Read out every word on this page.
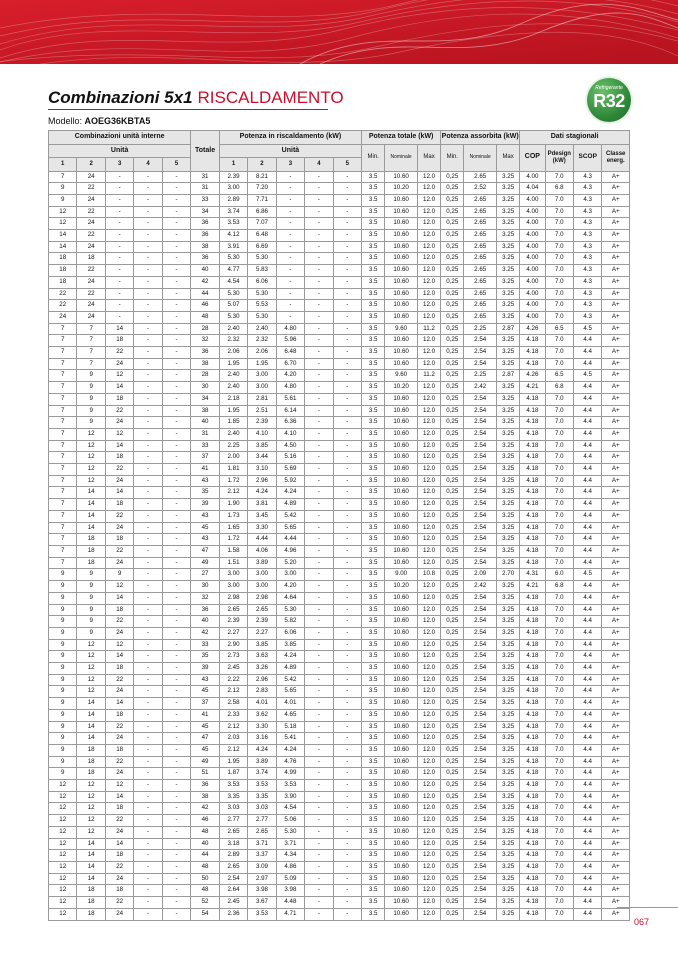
Combinazioni 5x1 RISCALDAMENTO
Modello: AOEG36KBTA5
Refrigerante
R32
Combinazioni unità interne					Totale	Potenza in riscaldamento (kW)					Potenza totale (kW)			Potenza assorbita (kW)			Dati stagionali			
Unità						Unità					Min.	Nominale	Max	Min.	Nominale	Max	COP	Pdesign (kW)	SCOP	Classe energ.
1	2	3	4	5		1	2	3	4	5										
7	24	-	-	-	31	2.39	8.21	-	-	-	3.5	10.60	12.0	0,25	2.65	3.25	4.00	7.0	4.3	A+
9	22	-	-	-	31	3.00	7.20	-	-	-	3.5	10.20	12.0	0,25	2.52	3.25	4.04	6.8	4.3	A+
9	24	-	-	-	33	2.89	7.71	-	-	-	3.5	10.60	12.0	0,25	2.65	3.25	4.00	7.0	4.3	A+
12	22	-	-	-	34	3.74	6.86	-	-	-	3.5	10.60	12.0	0,25	2.65	3.25	4.00	7.0	4.3	A+
12	24	-	-	-	36	3.53	7.07	-	-	-	3.5	10.60	12.0	0,25	2.65	3.25	4.00	7.0	4.3	A+
14	22	-	-	-	36	4.12	6.48	-	-	-	3.5	10.60	12.0	0,25	2.65	3.25	4.00	7.0	4.3	A+
14	24	-	-	-	38	3.91	6.69	-	-	-	3.5	10.60	12.0	0,25	2.65	3.25	4.00	7.0	4.3	A+
18	18	-	-	-	36	5.30	5.30	-	-	-	3.5	10.60	12.0	0,25	2.65	3.25	4.00	7.0	4.3	A+
18	22	-	-	-	40	4.77	5.83	-	-	-	3.5	10.60	12.0	0,25	2.65	3.25	4.00	7.0	4.3	A+
18	24	-	-	-	42	4.54	6.06	-	-	-	3.5	10.60	12.0	0,25	2.65	3.25	4.00	7.0	4.3	A+
22	22	-	-	-	44	5.30	5.30	-	-	-	3.5	10.60	12.0	0,25	2.65	3.25	4.00	7.0	4.3	A+
22	24	-	-	-	46	5.07	5.53	-	-	-	3.5	10.60	12.0	0,25	2.65	3.25	4.00	7.0	4.3	A+
24	24	-	-	-	48	5.30	5.30	-	-	-	3.5	10.60	12.0	0,25	2.65	3.25	4.00	7.0	4.3	A+
7	7	14	-	-	28	2.40	2.40	4.80	-	-	3.5	9.60	11.2	0,25	2.25	2.87	4.26	6.5	4.5	A+
7	7	18	-	-	32	2.32	2.32	5.96	-	-	3.5	10.60	12.0	0,25	2.54	3.25	4.18	7.0	4.4	A+
7	7	22	-	-	36	2.06	2.06	6.48	-	-	3.5	10.60	12.0	0,25	2.54	3.25	4.18	7.0	4.4	A+
7	7	24	-	-	38	1.95	1.95	6.70	-	-	3.5	10.60	12.0	0,25	2.54	3.25	4.18	7.0	4.4	A+
7	9	12	-	-	28	2.40	3.00	4.20	-	-	3.5	9.60	11.2	0,25	2.25	2.87	4.26	6.5	4.5	A+
7	9	14	-	-	30	2.40	3.00	4.80	-	-	3.5	10.20	12.0	0,25	2.42	3.25	4.21	6.8	4.4	A+
7	9	18	-	-	34	2.18	2.81	5.61	-	-	3.5	10.60	12.0	0,25	2.54	3.25	4.18	7.0	4.4	A+
7	9	22	-	-	38	1.95	2.51	6.14	-	-	3.5	10.60	12.0	0,25	2.54	3.25	4.18	7.0	4.4	A+
7	9	24	-	-	40	1.85	2.39	6.36	-	-	3.5	10.60	12.0	0,25	2.54	3.25	4.18	7.0	4.4	A+
7	12	12	-	-	31	2.40	4.10	4.10	-	-	3.5	10.60	12.0	0,25	2.54	3.25	4.18	7.0	4.4	A+
7	12	14	-	-	33	2.25	3.85	4.50	-	-	3.5	10.60	12.0	0,25	2.54	3.25	4.18	7.0	4.4	A+
7	12	18	-	-	37	2.00	3.44	5.16	-	-	3.5	10.60	12.0	0,25	2.54	3.25	4.18	7.0	4.4	A+
7	12	22	-	-	41	1.81	3.10	5.69	-	-	3.5	10.60	12.0	0,25	2.54	3.25	4.18	7.0	4.4	A+
7	12	24	-	-	43	1.72	2.96	5.92	-	-	3.5	10.60	12.0	0,25	2.54	3.25	4.18	7.0	4.4	A+
7	14	14	-	-	35	2.12	4.24	4.24	-	-	3.5	10.60	12.0	0,25	2.54	3.25	4.18	7.0	4.4	A+
7	14	18	-	-	39	1.90	3.81	4.89	-	-	3.5	10.60	12.0	0,25	2.54	3.25	4.18	7.0	4.4	A+
7	14	22	-	-	43	1.73	3.45	5.42	-	-	3.5	10.60	12.0	0,25	2.54	3.25	4.18	7.0	4.4	A+
7	14	24	-	-	45	1.65	3.30	5.65	-	-	3.5	10.60	12.0	0,25	2.54	3.25	4.18	7.0	4.4	A+
7	18	18	-	-	43	1.72	4.44	4.44	-	-	3.5	10.60	12.0	0,25	2.54	3.25	4.18	7.0	4.4	A+
7	18	22	-	-	47	1.58	4.06	4.96	-	-	3.5	10.60	12.0	0,25	2.54	3.25	4.18	7.0	4.4	A+
7	18	24	-	-	49	1.51	3.89	5.20	-	-	3.5	10.60	12.0	0,25	2.54	3.25	4.18	7.0	4.4	A+
9	9	9	-	-	27	3.00	3.00	3.00	-	-	3.5	9.00	10.8	0,25	2.09	2.70	4.31	6.0	4.5	A+
9	9	12	-	-	30	3.00	3.00	4.20	-	-	3.5	10.20	12.0	0,25	2.42	3.25	4.21	6.8	4.4	A+
9	9	14	-	-	32	2.98	2.98	4.64	-	-	3.5	10.60	12.0	0,25	2.54	3.25	4.18	7.0	4.4	A+
9	9	18	-	-	36	2.65	2.65	5.30	-	-	3.5	10.60	12.0	0,25	2.54	3.25	4.18	7.0	4.4	A+
9	9	22	-	-	40	2.39	2.39	5.82	-	-	3.5	10.60	12.0	0,25	2.54	3.25	4.18	7.0	4.4	A+
9	9	24	-	-	42	2.27	2.27	6.06	-	-	3.5	10.60	12.0	0,25	2.54	3.25	4.18	7.0	4.4	A+
9	12	12	-	-	33	2.90	3.85	3.85	-	-	3.5	10.60	12.0	0,25	2.54	3.25	4.18	7.0	4.4	A+
9	12	14	-	-	35	2.73	3.63	4.24	-	-	3.5	10.60	12.0	0,25	2.54	3.25	4.18	7.0	4.4	A+
9	12	18	-	-	39	2.45	3.26	4.89	-	-	3.5	10.60	12.0	0,25	2.54	3.25	4.18	7.0	4.4	A+
9	12	22	-	-	43	2.22	2.96	5.42	-	-	3.5	10.60	12.0	0,25	2.54	3.25	4.18	7.0	4.4	A+
9	12	24	-	-	45	2.12	2.83	5.65	-	-	3.5	10.60	12.0	0,25	2.54	3.25	4.18	7.0	4.4	A+
9	14	14	-	-	37	2.58	4.01	4.01	-	-	3.5	10.60	12.0	0,25	2.54	3.25	4.18	7.0	4.4	A+
9	14	18	-	-	41	2.33	3.62	4.65	-	-	3.5	10.60	12.0	0,25	2.54	3.25	4.18	7.0	4.4	A+
9	14	22	-	-	45	2.12	3.30	5.18	-	-	3.5	10.60	12.0	0,25	2.54	3.25	4.18	7.0	4.4	A+
9	14	24	-	-	47	2.03	3.16	5.41	-	-	3.5	10.60	12.0	0,25	2.54	3.25	4.18	7.0	4.4	A+
9	18	18	-	-	45	2.12	4.24	4.24	-	-	3.5	10.60	12.0	0,25	2.54	3.25	4.18	7.0	4.4	A+
9	18	22	-	-	49	1.95	3.89	4.76	-	-	3.5	10.60	12.0	0,25	2.54	3.25	4.18	7.0	4.4	A+
9	18	24	-	-	51	1.87	3.74	4.99	-	-	3.5	10.60	12.0	0,25	2.54	3.25	4.18	7.0	4.4	A+
12	12	12	-	-	36	3.53	3.53	3.53	-	-	3.5	10.60	12.0	0,25	2.54	3.25	4.18	7.0	4.4	A+
12	12	14	-	-	38	3.35	3.35	3.90	-	-	3.5	10.60	12.0	0,25	2.54	3.25	4.18	7.0	4.4	A+
12	12	18	-	-	42	3.03	3.03	4.54	-	-	3.5	10.60	12.0	0,25	2.54	3.25	4.18	7.0	4.4	A+
12	12	22	-	-	46	2.77	2.77	5.06	-	-	3.5	10.60	12.0	0,25	2.54	3.25	4.18	7.0	4.4	A+
12	12	24	-	-	48	2.65	2.65	5.30	-	-	3.5	10.60	12.0	0,25	2.54	3.25	4.18	7.0	4.4	A+
12	14	14	-	-	40	3.18	3.71	3.71	-	-	3.5	10.60	12.0	0,25	2.54	3.25	4.18	7.0	4.4	A+
12	14	18	-	-	44	2.89	3.37	4.34	-	-	3.5	10.60	12.0	0,25	2.54	3.25	4.18	7.0	4.4	A+
12	14	22	-	-	48	2.65	3.09	4.86	-	-	3.5	10.60	12.0	0,25	2.54	3.25	4.18	7.0	4.4	A+
12	14	24	-	-	50	2.54	2.97	5.09	-	-	3.5	10.60	12.0	0,25	2.54	3.25	4.18	7.0	4.4	A+
12	18	18	-	-	48	2.64	3.98	3.98	-	-	3.5	10.60	12.0	0,25	2.54	3.25	4.18	7.0	4.4	A+
12	18	22	-	-	52	2.45	3.67	4.48	-	-	3.5	10.60	12.0	0,25	2.54	3.25	4.18	7.0	4.4	A+
12	18	24	-	-	54	2.36	3.53	4.71	-	-	3.5	10.60	12.0	0,25	2.54	3.25	4.18	7.0	4.4	A+
067
